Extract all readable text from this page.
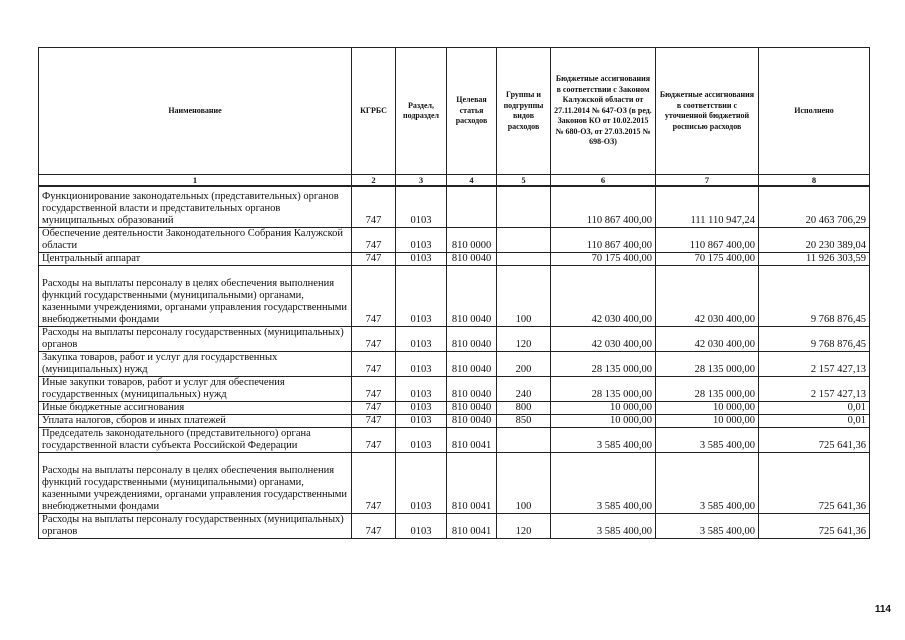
Наименование	КГРБС	Раздел, подраздел	Целевая статья расходов	Группы и подгруппы видов расходов	Бюджетные ассигнования в соответствии с Законом Калужской области от 27.11.2014 № 647-ОЗ (в ред. Законов КО от 10.02.2015 № 680-ОЗ, от 27.03.2015 № 698-ОЗ)	Бюджетные ассигнования в соответствии с уточненной бюджетной росписью расходов	Исполнено
1	2	3	4	5	6	7	8
Функционирование законодательных (представительных) органов государственной власти и представительных органов муниципальных образований	747	0103			110 867 400,00	111 110 947,24	20 463 706,29
Обеспечение деятельности Законодательного Собрания Калужской области	747	0103	810 0000		110 867 400,00	110 867 400,00	20 230 389,04
Центральный аппарат	747	0103	810 0040		70 175 400,00	70 175 400,00	11 926 303,59
Расходы на выплаты персоналу в целях обеспечения выполнения функций государственными (муниципальными) органами, казенными учреждениями, органами управления государственными внебюджетными фондами	747	0103	810 0040	100	42 030 400,00	42 030 400,00	9 768 876,45
Расходы на выплаты персоналу государственных (муниципальных) органов	747	0103	810 0040	120	42 030 400,00	42 030 400,00	9 768 876,45
Закупка товаров, работ и услуг для государственных (муниципальных) нужд	747	0103	810 0040	200	28 135 000,00	28 135 000,00	2 157 427,13
Иные закупки товаров, работ и услуг для обеспечения государственных (муниципальных) нужд	747	0103	810 0040	240	28 135 000,00	28 135 000,00	2 157 427,13
Иные бюджетные ассигнования	747	0103	810 0040	800	10 000,00	10 000,00	0,01
Уплата налогов, сборов и иных платежей	747	0103	810 0040	850	10 000,00	10 000,00	0,01
Председатель законодательного (представительного) органа государственной власти субъекта Российской Федерации	747	0103	810 0041		3 585 400,00	3 585 400,00	725 641,36
Расходы на выплаты персоналу в целях обеспечения выполнения функций государственными (муниципальными) органами, казенными учреждениями, органами управления государственными внебюджетными фондами	747	0103	810 0041	100	3 585 400,00	3 585 400,00	725 641,36
Расходы на выплаты персоналу государственных (муниципальных) органов	747	0103	810 0041	120	3 585 400,00	3 585 400,00	725 641,36
114
